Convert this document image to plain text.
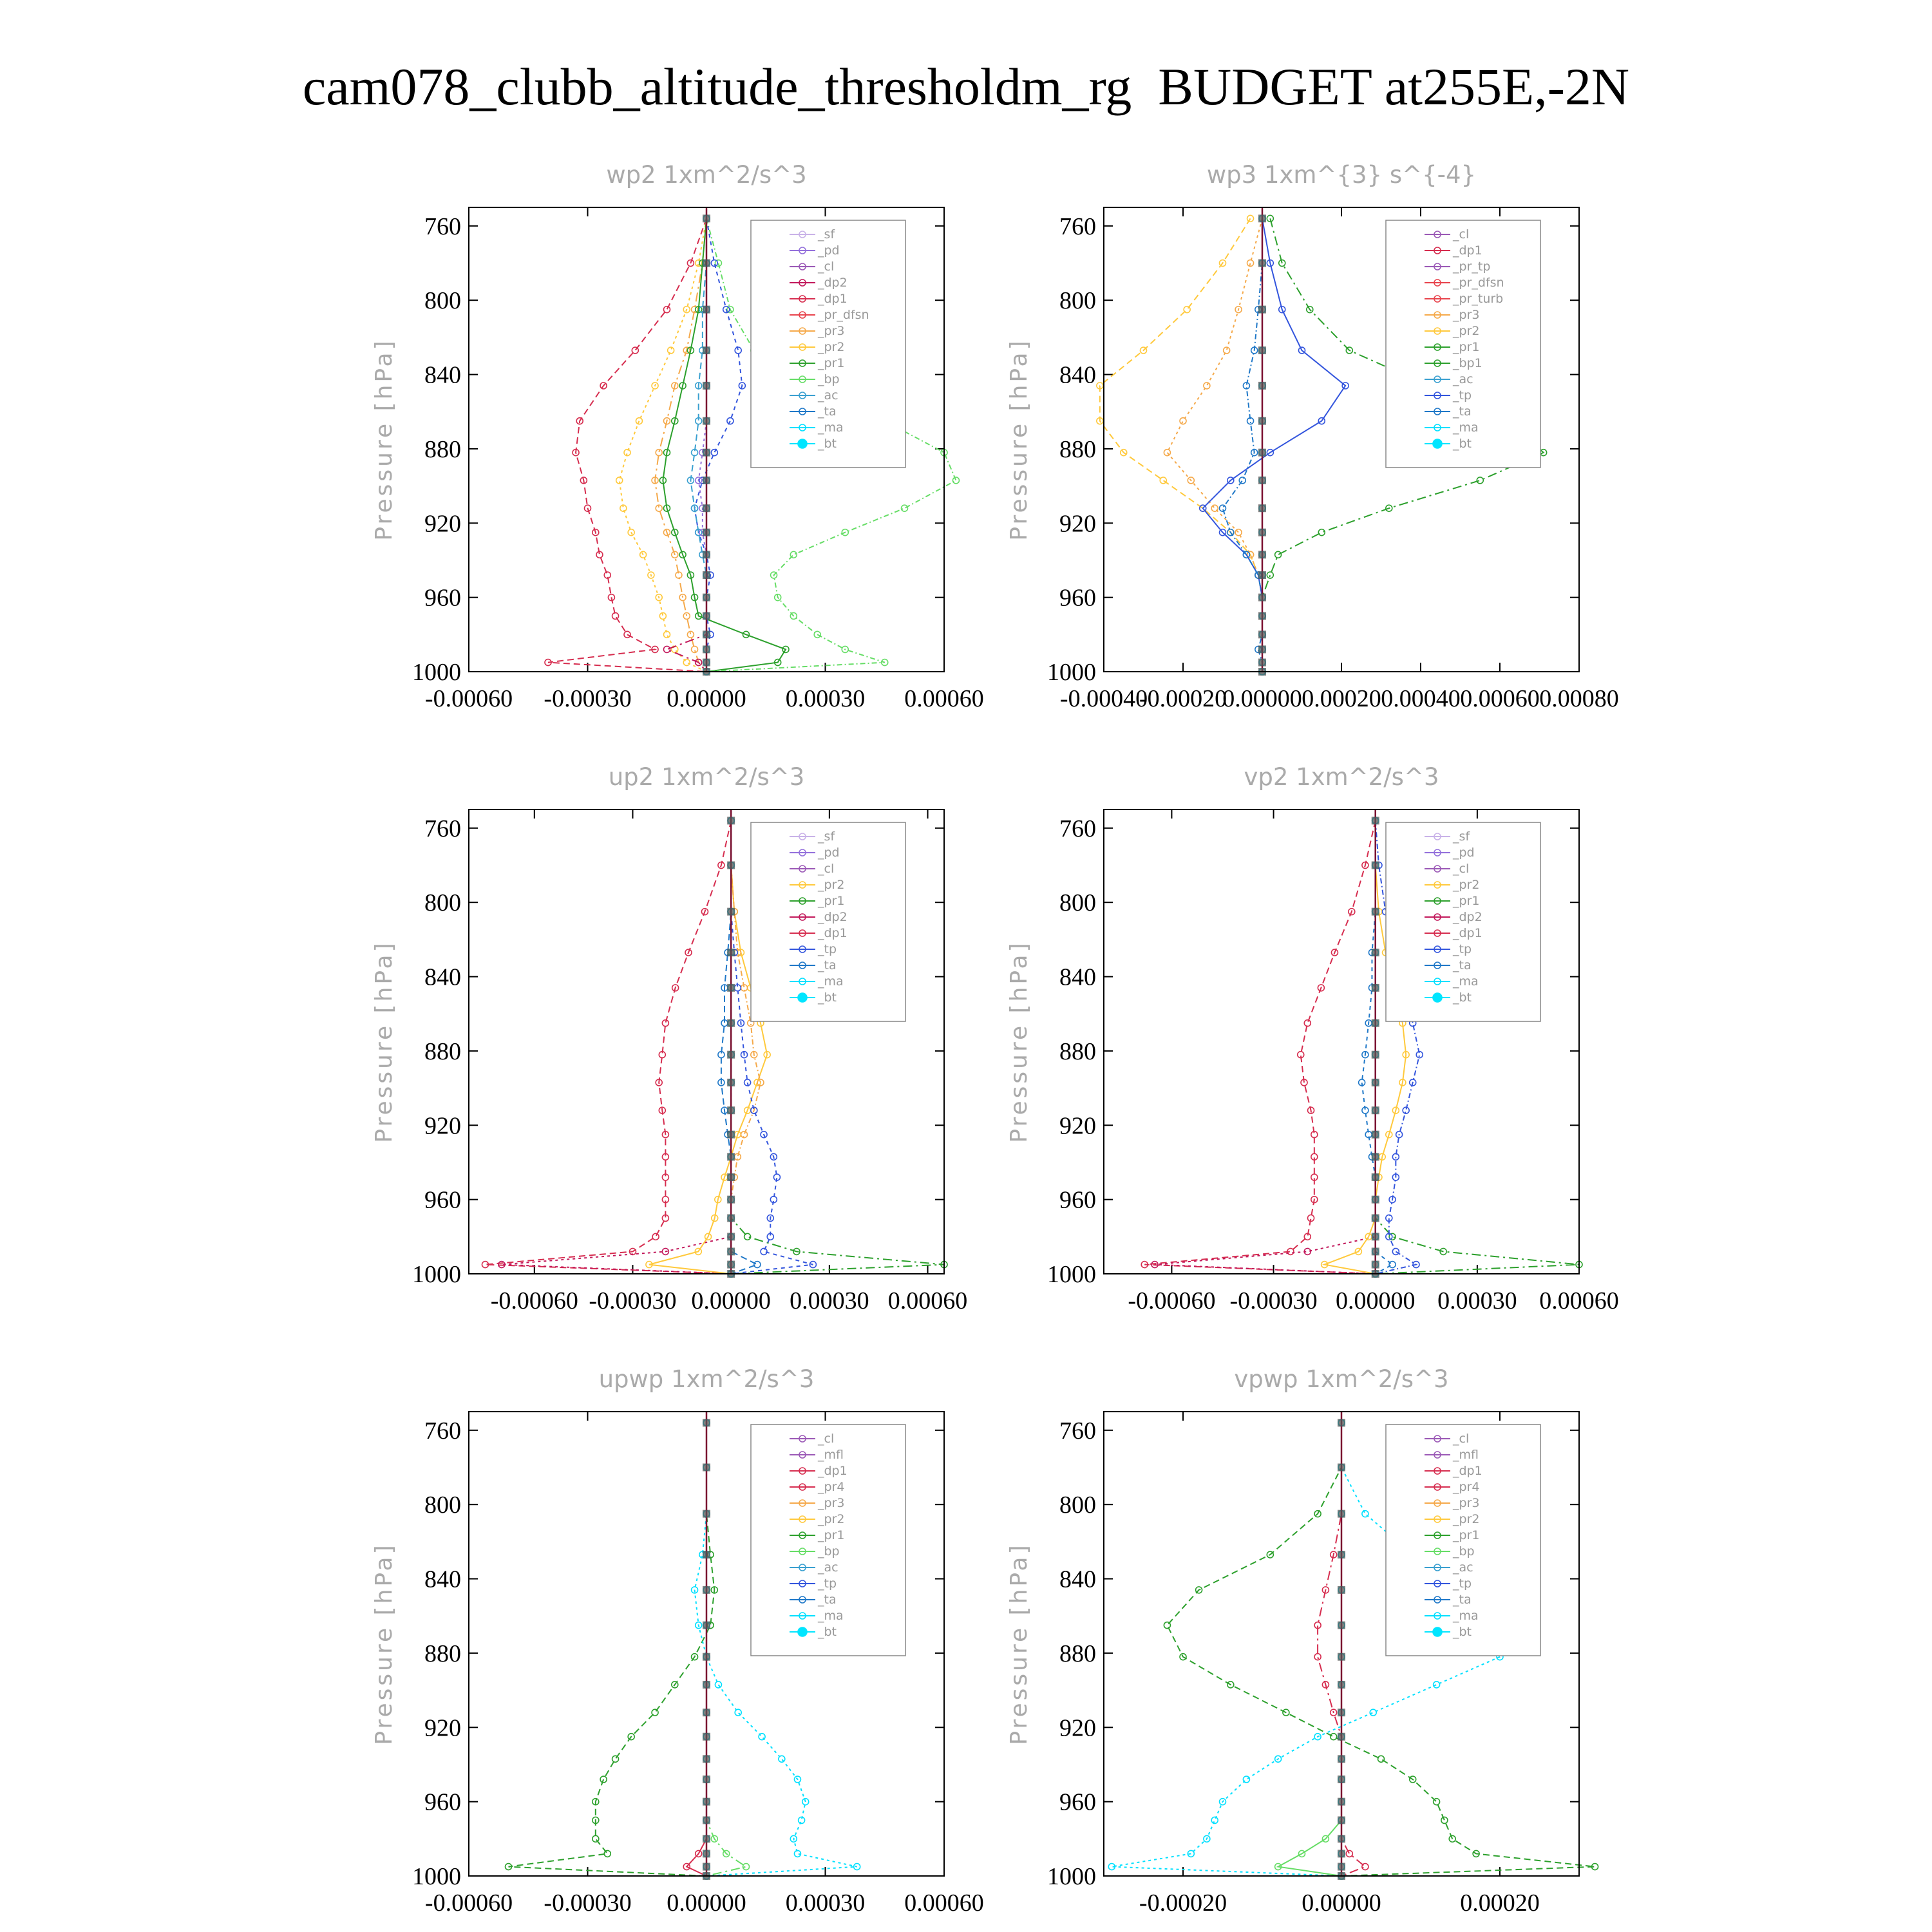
cam078_clubb_altitude_thresholdm_rg  BUDGET at255E,-2N
wp2 1xm^2/s^3
Pressure [hPa]
760
800
840
880
920
960
1000
-0.00060 -0.00030 0.00000 0.00030 0.00060
_sf
_pd
_cl
_dp2
_dp1
_pr_dfsn
_pr3
_pr2
_pr1
_bp
_ac
_ta
_ma
_bt
wp3 1xm^{3} s^{-4}
Pressure [hPa]
760
800
840
880
920
960
1000
-0.00040
-0.00020
0.00000 0.00020 0.00040 0.00060 0.00080
_cl
_dp1
_pr_tp
_pr_dfsn
_pr_turb
_pr3
_pr2
_pr1
_bp1
_ac
_tp
_ta
_ma
_bt
up2 1xm^2/s^3
Pressure [hPa]
760
800
840
880
920
960
1000
-0.00060 -0.00030 0.00000 0.00030 0.00060
_sf
_pd
_cl
_pr2
_pr1
_dp2
_dp1
_tp
_ta
_ma
_bt
vp2 1xm^2/s^3
Pressure [hPa]
760
800
840
880
920
960
1000
-0.00060 -0.00030 0.00000 0.00030 0.00060
_sf
_pd
_cl
_pr2
_pr1
_dp2
_dp1
_tp
_ta
_ma
_bt
upwp 1xm^2/s^3
Pressure [hPa]
760
800
840
880
920
960
1000
-0.00060 -0.00030 0.00000 0.00030 0.00060
_cl
_mfl
_dp1
_pr4
_pr3
_pr2
_pr1
_bp
_ac
_tp
_ta
_ma
_bt
vpwp 1xm^2/s^3
Pressure [hPa]
760
800
840
880
920
960
1000
-0.00020	0.00000	0.00020
_cl
_mfl
_dp1
_pr4
_pr3
_pr2
_pr1
_bp
_ac
_tp
_ta
_ma
_bt
